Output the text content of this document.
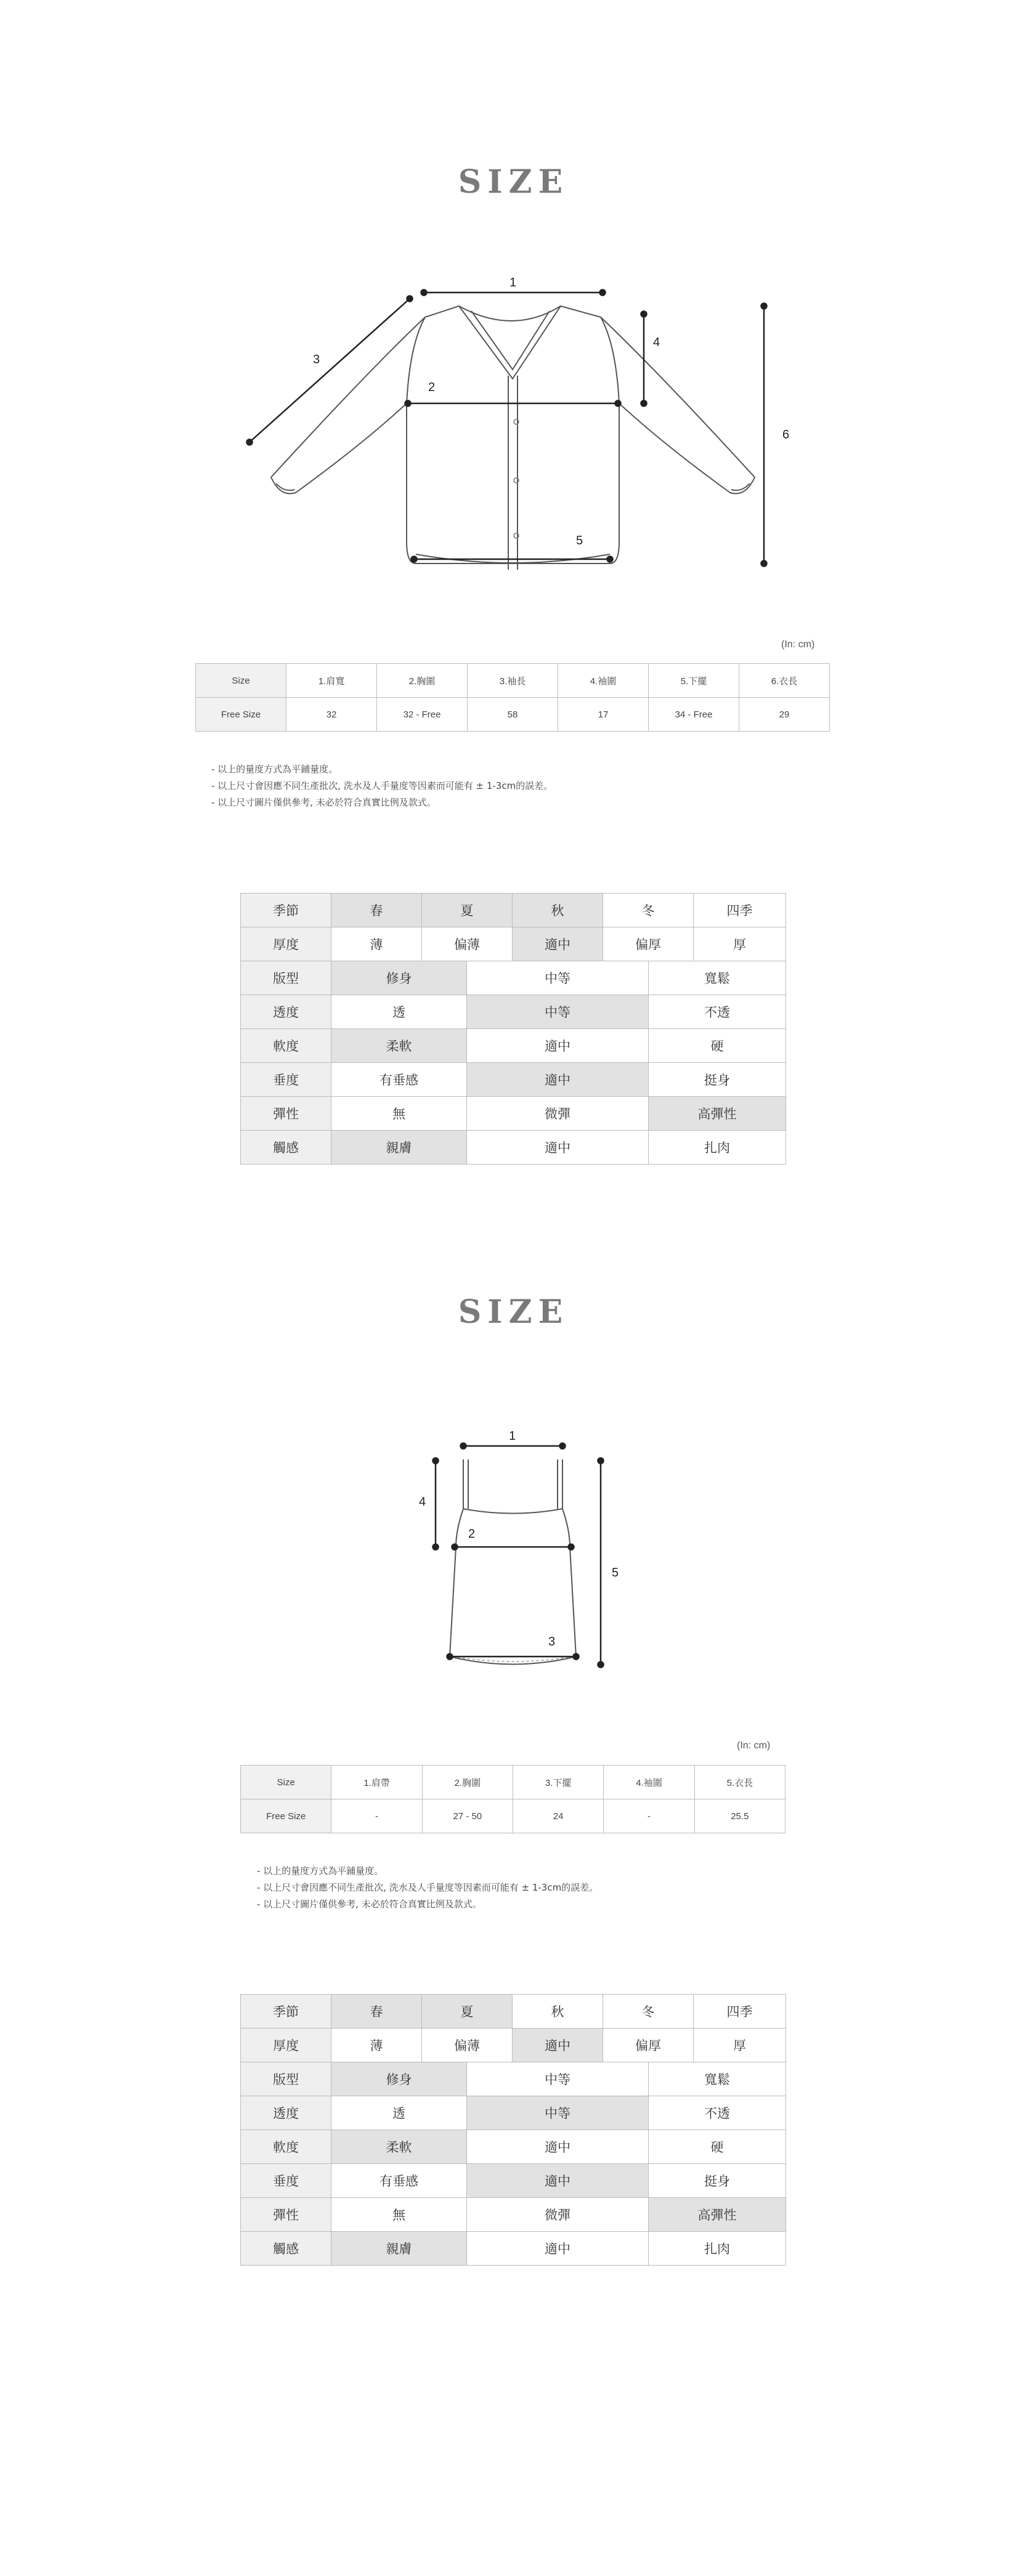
SIZE
1
2
3
4
5
6
(In: cm)
Size	1.肩寬	2.胸圍	3.袖長	4.袖圍	5.下擺	6.衣長
Free Size	32	32 - Free	58	17	34 - Free	29
- 以上的量度方式為平鋪量度。
- 以上尺寸會因應不同生產批次, 洗水及人手量度等因素而可能有 ± 1-3cm的誤差。
- 以上尺寸圖片僅供參考, 未必於符合真實比例及款式。
季節	春	夏		秋	冬		四季
厚度	薄	偏薄		適中	偏厚		厚
版型	修身		中等			寬鬆	
透度	透		中等			不透	
軟度	柔軟		適中			硬	
垂度	有垂感		適中			挺身	
彈性	無		微彈			高彈性	
觸感	親膚		適中			扎肉	
SIZE
1
2
3
4
5
(In: cm)
Size	1.肩帶	2.胸圍	3.下擺	4.袖圍	5.衣長
Free Size	-	27 - 50	24	-	25.5
- 以上的量度方式為平鋪量度。
- 以上尺寸會因應不同生產批次, 洗水及人手量度等因素而可能有 ± 1-3cm的誤差。
- 以上尺寸圖片僅供參考, 未必於符合真實比例及款式。
季節	春	夏		秋	冬		四季
厚度	薄	偏薄		適中	偏厚		厚
版型	修身		中等			寬鬆	
透度	透		中等			不透	
軟度	柔軟		適中			硬	
垂度	有垂感		適中			挺身	
彈性	無		微彈			高彈性	
觸感	親膚		適中			扎肉	
